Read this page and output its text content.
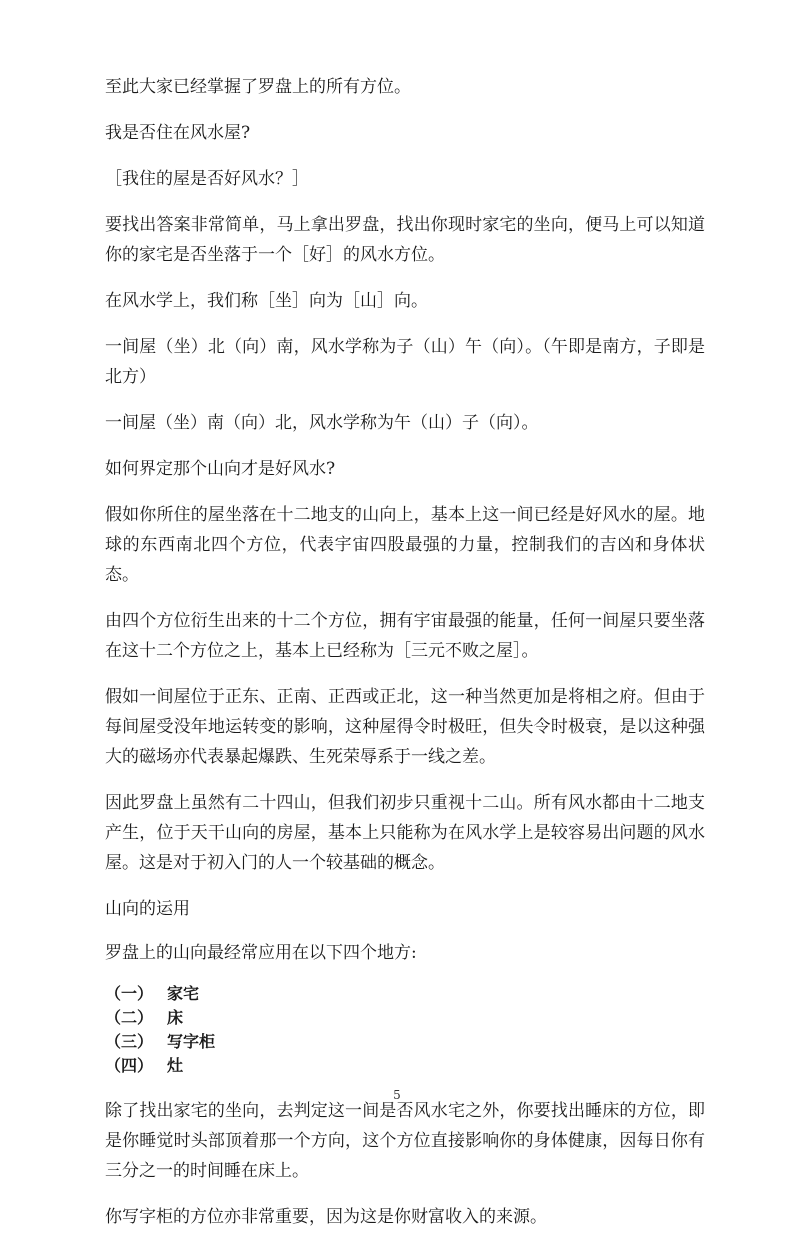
至此大家已经掌握了罗盘上的所有方位。

我是否住在风水屋?

［我住的屋是否好风水？］

要找出答案非常简单，马上拿出罗盘，找出你现时家宅的坐向，便马上可以知道你的家宅是否坐落于一个［好］的风水方位。

在风水学上，我们称［坐］向为［山］向。

一间屋（坐）北（向）南，风水学称为子（山）午（向）。（午即是南方，子即是北方）

一间屋（坐）南（向）北，风水学称为午（山）子（向）。

如何界定那个山向才是好风水?

假如你所住的屋坐落在十二地支的山向上，基本上这一间已经是好风水的屋。地球的东西南北四个方位，代表宇宙四股最强的力量，控制我们的吉凶和身体状态。

由四个方位衍生出来的十二个方位，拥有宇宙最强的能量，任何一间屋只要坐落在这十二个方位之上，基本上已经称为［三元不败之屋］。

假如一间屋位于正东、正南、正西或正北，这一种当然更加是将相之府。但由于每间屋受没年地运转变的影响，这种屋得令时极旺，但失令时极衰，是以这种强大的磁场亦代表暴起爆跌、生死荣辱系于一线之差。

因此罗盘上虽然有二十四山，但我们初步只重视十二山。所有风水都由十二地支产生，位于天干山向的房屋，基本上只能称为在风水学上是较容易出问题的风水屋。这是对于初入门的人一个较基础的概念。

山向的运用

罗盘上的山向最经常应用在以下四个地方:

（一） 家宅
（二） 床
（三） 写字柜
（四） 灶

除了找出家宅的坐向，去判定这一间是否风水宅之外，你要找出睡床的方位，即是你睡觉时头部顶着那一个方向，这个方位直接影响你的身体健康，因每日你有三分之一的时间睡在床上。

你写字柜的方位亦非常重要，因为这是你财富收入的来源。

5
